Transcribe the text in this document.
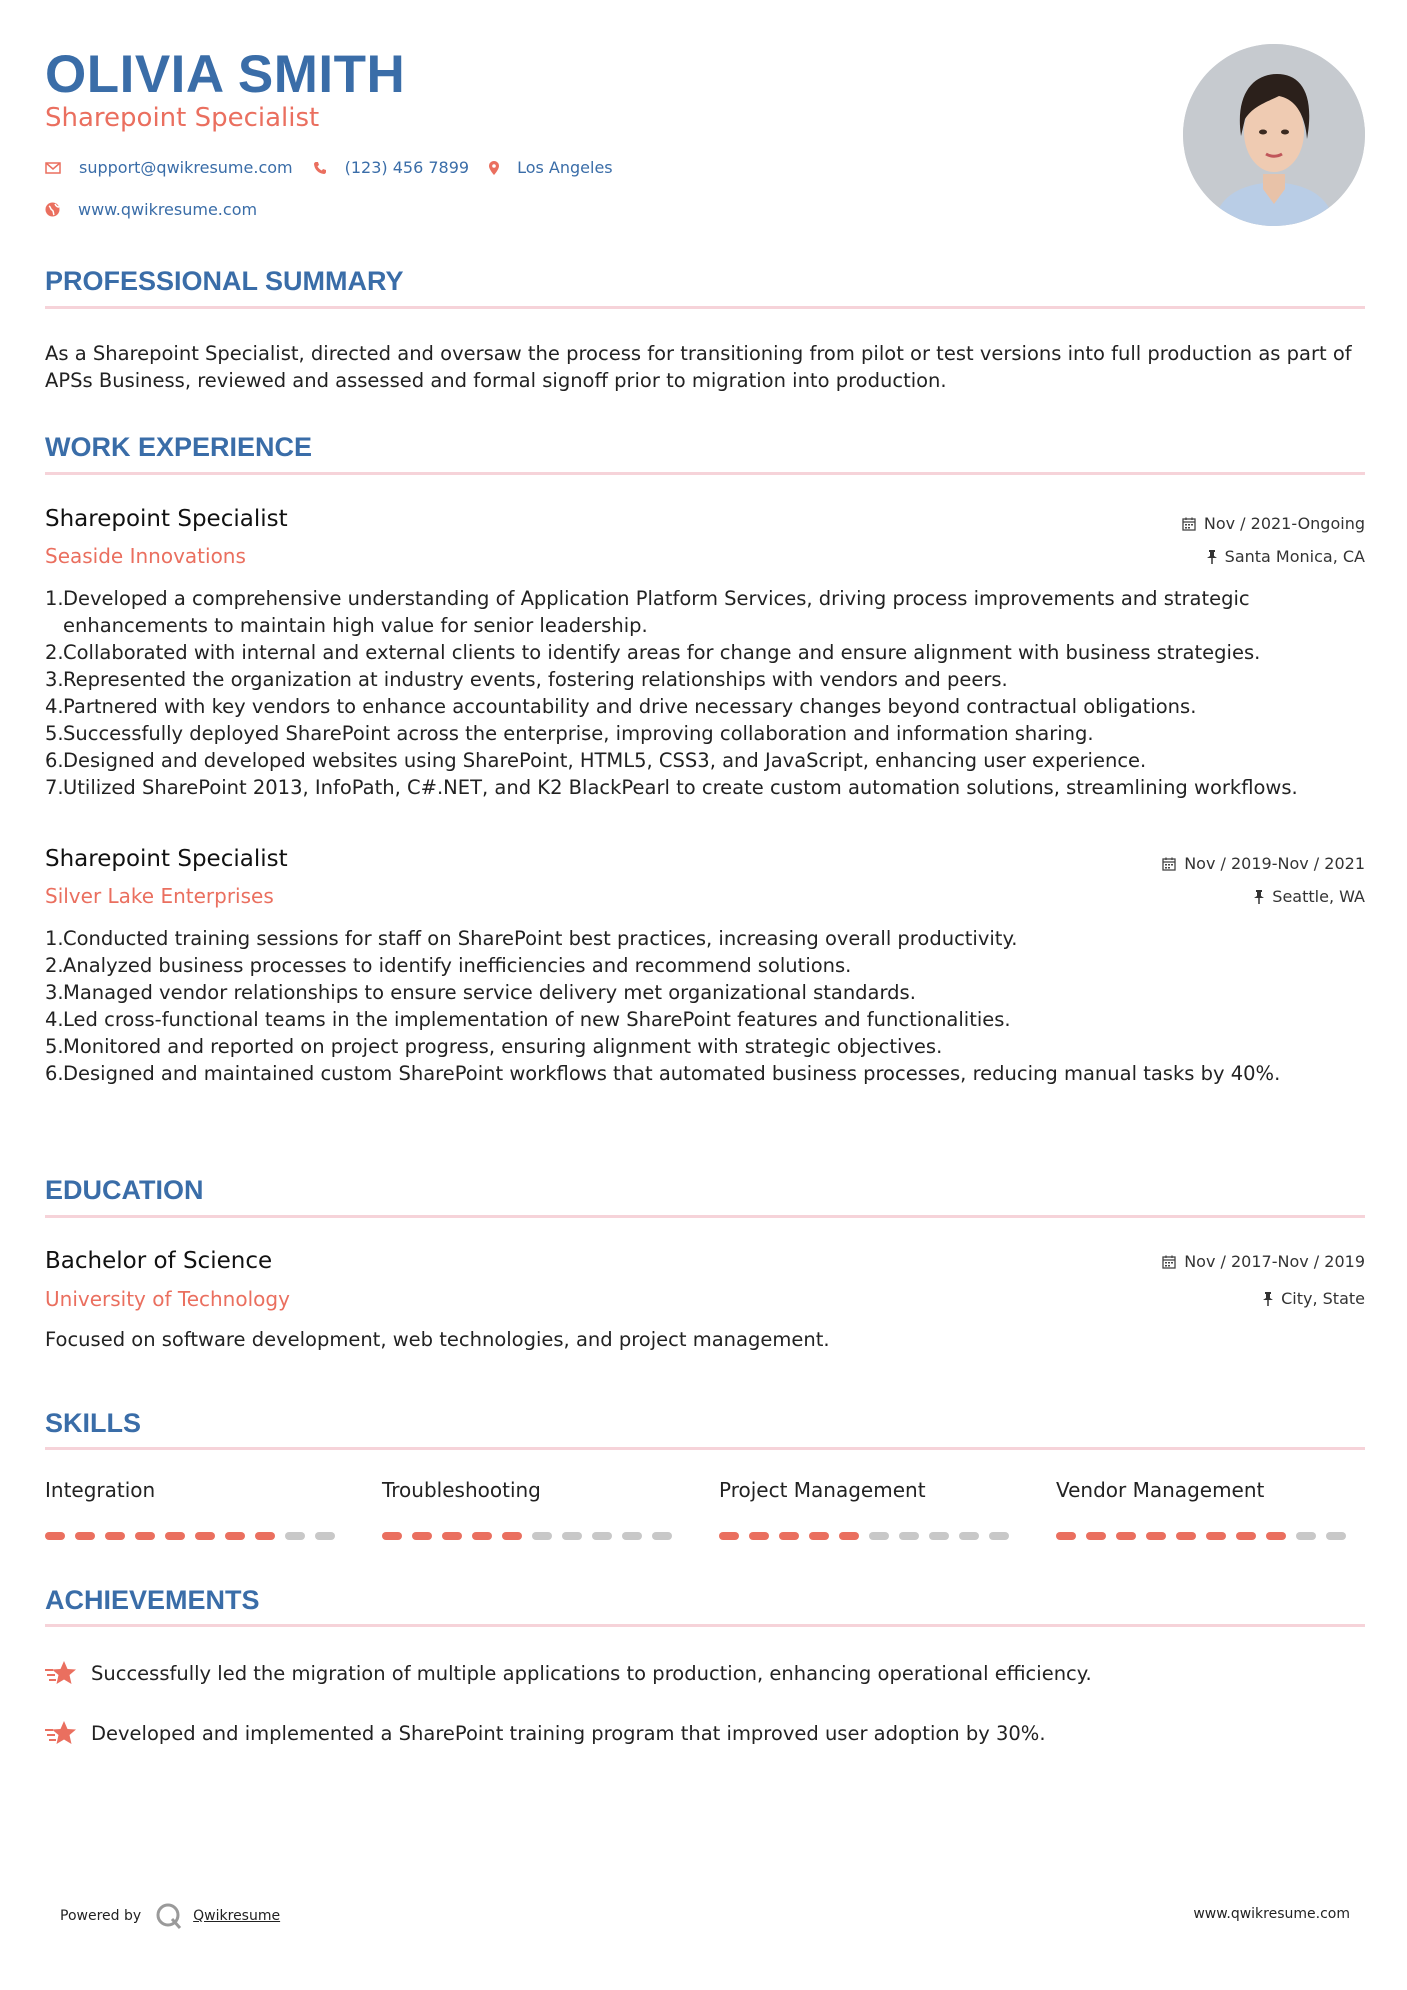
OLIVIA SMITH
Sharepoint Specialist
support@qwikresume.com	(123) 456 7899	Los Angeles
www.qwikresume.com
PROFESSIONAL SUMMARY

As a Sharepoint Specialist, directed and oversaw the process for transitioning from pilot or test versions into full production as part of APSs Business, reviewed and assessed and formal signoff prior to migration into production.

WORK EXPERIENCE
Sharepoint Specialist
Seaside Innovations
Nov / 2021-Ongoing
Santa Monica, CA
1. Developed a comprehensive understanding of Application Platform Services, driving process improvements and strategic enhancements to maintain high value for senior leadership.
2. Collaborated with internal and external clients to identify areas for change and ensure alignment with business strategies.
3. Represented the organization at industry events, fostering relationships with vendors and peers.
4. Partnered with key vendors to enhance accountability and drive necessary changes beyond contractual obligations.
5. Successfully deployed SharePoint across the enterprise, improving collaboration and information sharing.
6. Designed and developed websites using SharePoint, HTML5, CSS3, and JavaScript, enhancing user experience.
7. Utilized SharePoint 2013, InfoPath, C#.NET, and K2 BlackPearl to create custom automation solutions, streamlining workflows.
Sharepoint Specialist
Silver Lake Enterprises
Nov / 2019-Nov / 2021
Seattle, WA
1. Conducted training sessions for staff on SharePoint best practices, increasing overall productivity.
2. Analyzed business processes to identify inefficiencies and recommend solutions.
3. Managed vendor relationships to ensure service delivery met organizational standards.
4. Led cross-functional teams in the implementation of new SharePoint features and functionalities.
5. Monitored and reported on project progress, ensuring alignment with strategic objectives.
6. Designed and maintained custom SharePoint workflows that automated business processes, reducing manual tasks by 40%.
EDUCATION
Bachelor of Science
University of Technology
Nov / 2017-Nov / 2019
City, State
Focused on software development, web technologies, and project management.
SKILLS
Integration	Troubleshooting	Project Management	Vendor Management
ACHIEVEMENTS
Successfully led the migration of multiple applications to production, enhancing operational efficiency.
Developed and implemented a SharePoint training program that improved user adoption by 30%.
Powered by	Qwikresume	www.qwikresume.com
